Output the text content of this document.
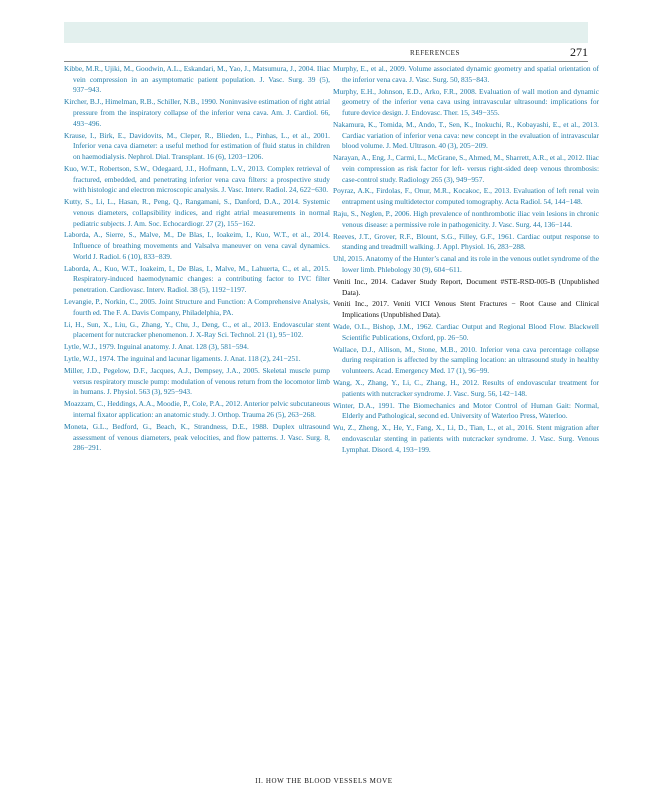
REFERENCES	271

Kibbe, M.R., Ujiki, M., Goodwin, A.L., Eskandari, M., Yao, J., Matsumura, J., 2004. Iliac vein compression in an asymptomatic patient population. J. Vasc. Surg. 39 (5), 937−943.

Kircher, B.J., Himelman, R.B., Schiller, N.B., 1990. Noninvasive estimation of right atrial pressure from the inspiratory collapse of the inferior vena cava. Am. J. Cardiol. 66, 493−496.

Krause, I., Birk, E., Davidovits, M., Cleper, R., Blieden, L., Pinhas, L., et al., 2001. Inferior vena cava diameter: a useful method for estimation of fluid status in children on haemodialysis. Nephrol. Dial. Transplant. 16 (6), 1203−1206.

Kuo, W.T., Robertson, S.W., Odegaard, J.I., Hofmann, L.V., 2013. Complex retrieval of fractured, embedded, and penetrating inferior vena cava filters: a prospective study with histologic and electron microscopic analysis. J. Vasc. Interv. Radiol. 24, 622−630.

Kutty, S., Li, L., Hasan, R., Peng, Q., Rangamani, S., Danford, D.A., 2014. Systemic venous diameters, collapsibility indices, and right atrial measurements in normal pediatric subjects. J. Am. Soc. Echocardiogr. 27 (2), 155−162.

Laborda, A., Sierre, S., Malve, M., De Blas, I., Ioakeim, I., Kuo, W.T., et al., 2014. Influence of breathing movements and Valsalva maneuver on vena caval dynamics. World J. Radiol. 6 (10), 833−839.

Laborda, A., Kuo, W.T., Ioakeim, I., De Blas, I., Malve, M., Lahuerta, C., et al., 2015. Respiratory-induced haemodynamic changes: a contributing factor to IVC filter penetration. Cardiovasc. Interv. Radiol. 38 (5), 1192−1197.

Levangie, P., Norkin, C., 2005. Joint Structure and Function: A Comprehensive Analysis, fourth ed. The F. A. Davis Company, Philadelphia, PA.

Li, H., Sun, X., Liu, G., Zhang, Y., Chu, J., Deng, C., et al., 2013. Endovascular stent placement for nutcracker phenomenon. J. X-Ray Sci. Technol. 21 (1), 95−102.

Lytle, W.J., 1979. Inguinal anatomy. J. Anat. 128 (3), 581−594.

Lytle, W.J., 1974. The inguinal and lacunar ligaments. J. Anat. 118 (2), 241−251.

Miller, J.D., Pegelow, D.F., Jacques, A.J., Dempsey, J.A., 2005. Skeletal muscle pump versus respiratory muscle pump: modulation of venous return from the locomotor limb in humans. J. Physiol. 563 (3), 925−943.

Moazzam, C., Heddings, A.A., Moodie, P., Cole, P.A., 2012. Anterior pelvic subcutaneous internal fixator application: an anatomic study. J. Orthop. Trauma 26 (5), 263−268.

Moneta, G.L., Bedford, G., Beach, K., Strandness, D.E., 1988. Duplex ultrasound assessment of venous diameters, peak velocities, and flow patterns. J. Vasc. Surg. 8, 286−291.

Murphy, E., et al., 2009. Volume associated dynamic geometry and spatial orientation of the inferior vena cava. J. Vasc. Surg. 50, 835−843.

Murphy, E.H., Johnson, E.D., Arko, F.R., 2008. Evaluation of wall motion and dynamic geometry of the inferior vena cava using intravascular ultrasound: implications for future device design. J. Endovasc. Ther. 15, 349−355.

Nakamura, K., Tomida, M., Ando, T., Sen, K., Inokuchi, R., Kobayashi, E., et al., 2013. Cardiac variation of inferior vena cava: new concept in the evaluation of intravascular blood volume. J. Med. Ultrason. 40 (3), 205−209.

Narayan, A., Eng, J., Carmi, L., McGrane, S., Ahmed, M., Sharrett, A.R., et al., 2012. Iliac vein compression as risk factor for left- versus right-sided deep venous thrombosis: case-control study. Radiology 265 (3), 949−957.

Poyraz, A.K., Firdolas, F., Onur, M.R., Kocakoc, E., 2013. Evaluation of left renal vein entrapment using multidetector computed tomography. Acta Radiol. 54, 144−148.

Raju, S., Neglen, P., 2006. High prevalence of nonthrombotic iliac vein lesions in chronic venous disease: a permissive role in pathogenicity. J. Vasc. Surg. 44, 136−144.

Reeves, J.T., Grover, R.F., Blount, S.G., Filley, G.F., 1961. Cardiac output response to standing and treadmill walking. J. Appl. Physiol. 16, 283−288.

Uhl, 2015. Anatomy of the Hunter’s canal and its role in the venous outlet syndrome of the lower limb. Phlebology 30 (9), 604−611.

Veniti Inc., 2014. Cadaver Study Report, Document #STE-RSD-005-B (Unpublished Data).

Veniti Inc., 2017. Veniti VICI Venous Stent Fractures − Root Cause and Clinical Implications (Unpublished Data).

Wade, O.L., Bishop, J.M., 1962. Cardiac Output and Regional Blood Flow. Blackwell Scientific Publications, Oxford, pp. 26−50.

Wallace, D.J., Allison, M., Stone, M.B., 2010. Inferior vena cava percentage collapse during respiration is affected by the sampling location: an ultrasound study in healthy volunteers. Acad. Emergency Med. 17 (1), 96−99.

Wang, X., Zhang, Y., Li, C., Zhang, H., 2012. Results of endovascular treatment for patients with nutcracker syndrome. J. Vasc. Surg. 56, 142−148.

Winter, D.A., 1991. The Biomechanics and Motor Control of Human Gait: Normal, Elderly and Pathological, second ed. University of Waterloo Press, Waterloo.

Wu, Z., Zheng, X., He, Y., Fang, X., Li, D., Tian, L., et al., 2016. Stent migration after endovascular stenting in patients with nutcracker syndrome. J. Vasc. Surg. Venous Lymphat. Disord. 4, 193−199.

II. HOW THE BLOOD VESSELS MOVE
